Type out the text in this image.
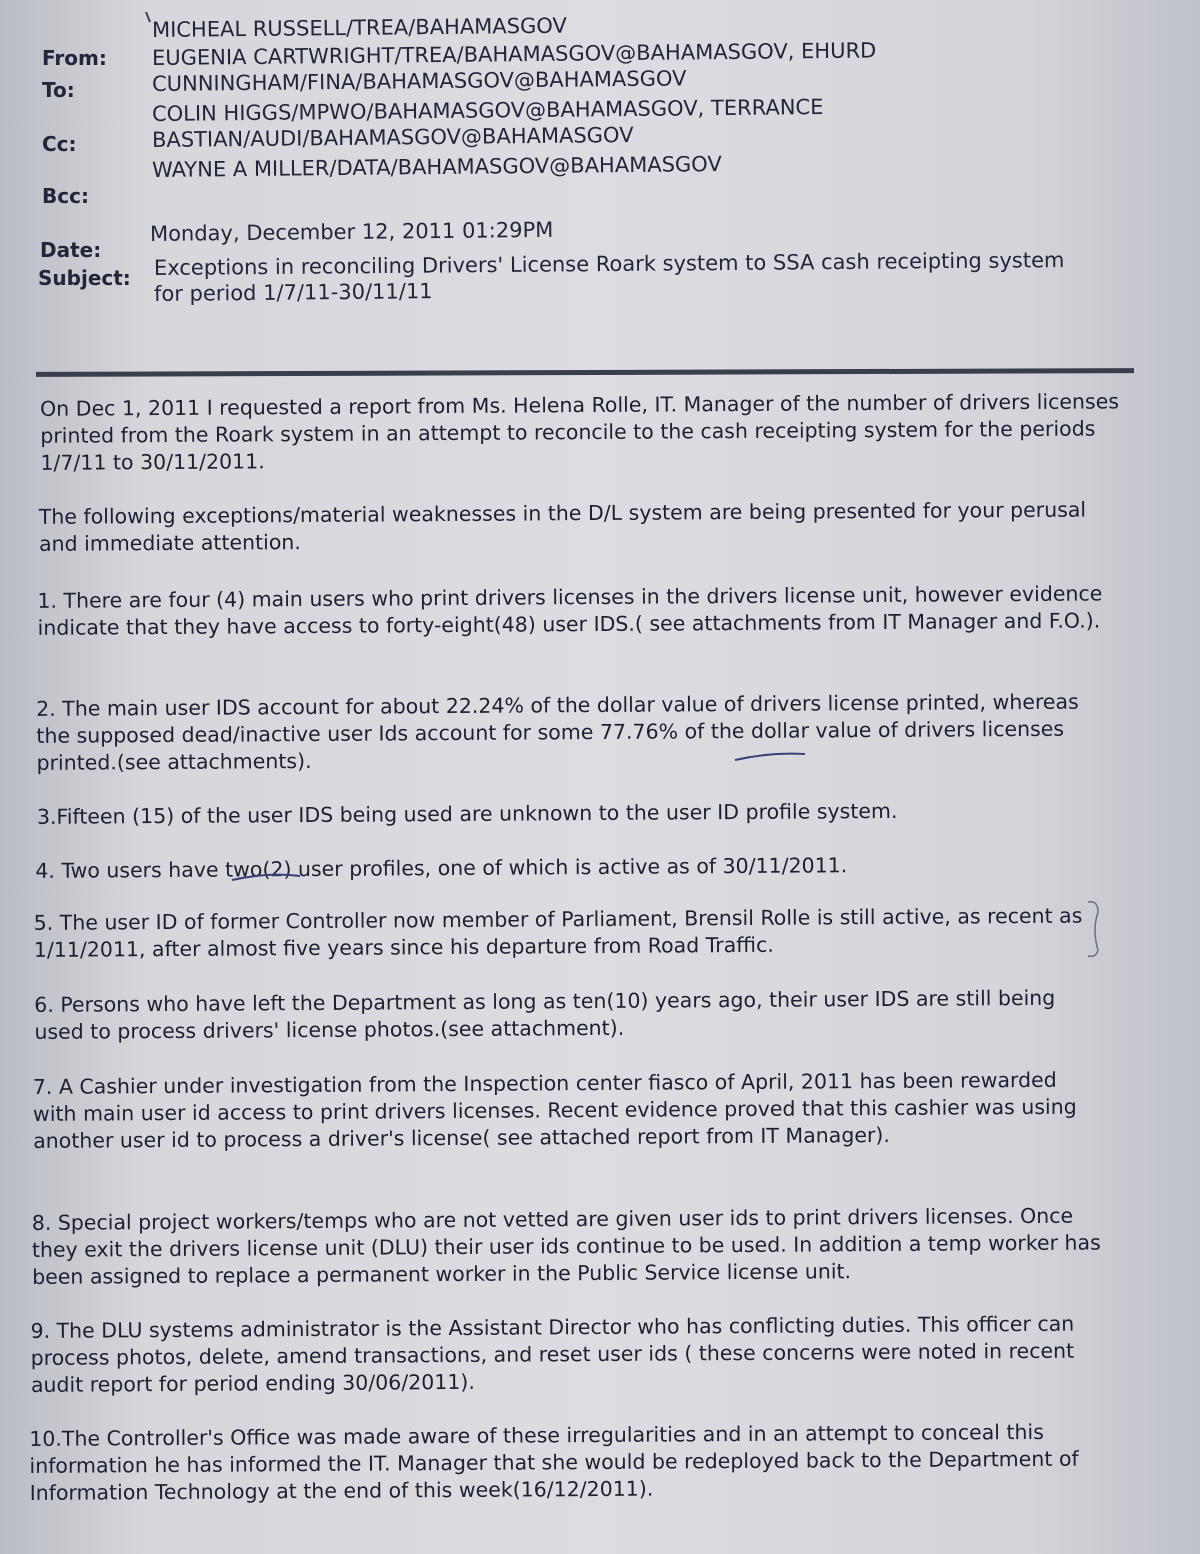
From:
To:
Cc:
Bcc:
Date:
Subject:
MICHEAL RUSSELL/TREA/BAHAMASGOV
EUGENIA CARTWRIGHT/TREA/BAHAMASGOV@BAHAMASGOV, EHURD
CUNNINGHAM/FINA/BAHAMASGOV@BAHAMASGOV
COLIN HIGGS/MPWO/BAHAMASGOV@BAHAMASGOV, TERRANCE
BASTIAN/AUDI/BAHAMASGOV@BAHAMASGOV
WAYNE A MILLER/DATA/BAHAMASGOV@BAHAMASGOV
Monday, December 12, 2011 01:29PM
Exceptions in reconciling Drivers' License Roark system to SSA cash receipting system
for period 1/7/11-30/11/11
On Dec 1, 2011 I requested a report from Ms. Helena Rolle, IT. Manager of the number of drivers licenses printed from the Roark system in an attempt to reconcile to the cash receipting system for the periods 1/7/11 to 30/11/2011.
The following exceptions/material weaknesses in the D/L system are being presented for your perusal and immediate attention.
1. There are four (4) main users who print drivers licenses in the drivers license unit, however evidence indicate that they have access to forty-eight(48) user IDS.( see attachments from IT Manager and F.O.).
2. The main user IDS account for about 22.24% of the dollar value of drivers license printed, whereas the supposed dead/inactive user Ids account for some 77.76% of the dollar value of drivers licenses printed.(see attachments).
3.Fifteen (15) of the user IDS being used are unknown to the user ID profile system.
4. Two users have two(2) user profiles, one of which is active as of 30/11/2011.
5. The user ID of former Controller now member of Parliament, Brensil Rolle is still active, as recent as 1/11/2011, after almost five years since his departure from Road Traffic.
6. Persons who have left the Department as long as ten(10) years ago, their user IDS are still being used to process drivers' license photos.(see attachment).
7. A Cashier under investigation from the Inspection center fiasco of April, 2011 has been rewarded with main user id access to print drivers licenses. Recent evidence proved that this cashier was using another user id to process a driver's license( see attached report from IT Manager).
8. Special project workers/temps who are not vetted are given user ids to print drivers licenses. Once they exit the drivers license unit (DLU) their user ids continue to be used. In addition a temp worker has been assigned to replace a permanent worker in the Public Service license unit.
9. The DLU systems administrator is the Assistant Director who has conflicting duties. This officer can process photos, delete, amend transactions, and reset user ids ( these concerns were noted in recent audit report for period ending 30/06/2011).
10.The Controller's Office was made aware of these irregularities and in an attempt to conceal this information he has informed the IT. Manager that she would be redeployed back to the Department of Information Technology at the end of this week(16/12/2011).
